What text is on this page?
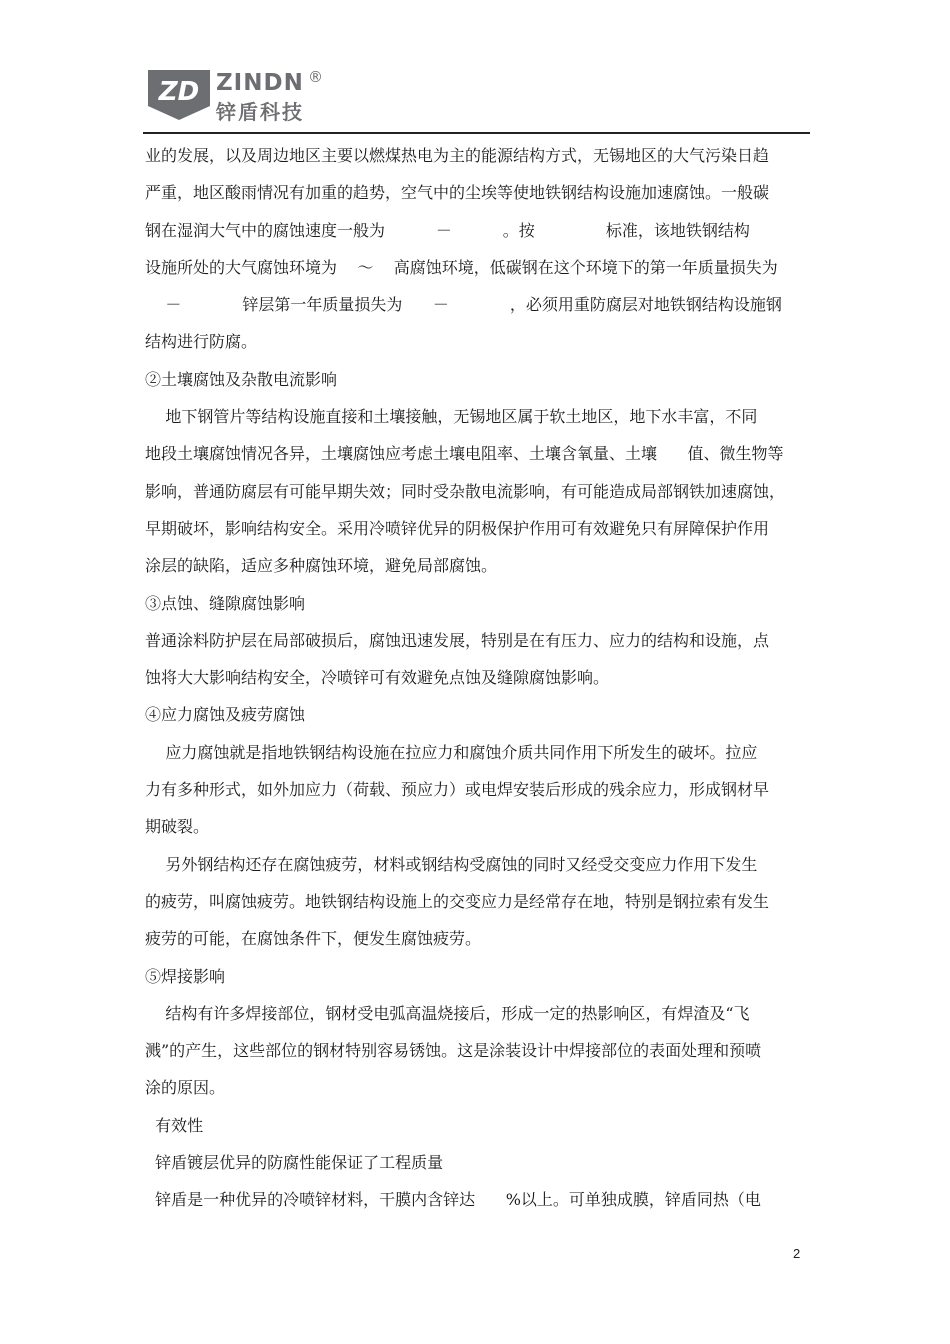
ZD ZINDN ®
锌盾科技
业的发展，以及周边地区主要以燃煤热电为主的能源结构方式，无锡地区的大气污染日趋
严重，地区酸雨情况有加重的趋势，空气中的尘埃等使地铁钢结构设施加速腐蚀。一般碳
钢在湿润大气中的腐蚀速度一般为          －          。按              标准，该地铁钢结构
设施所处的大气腐蚀环境为    ～    高腐蚀环境，低碳钢在这个环境下的第一年质量损失为
－            锌层第一年质量损失为      －            ，必须用重防腐层对地铁钢结构设施钢
结构进行防腐。
②土壤腐蚀及杂散电流影响
地下钢管片等结构设施直接和土壤接触，无锡地区属于软土地区，地下水丰富，不同
地段土壤腐蚀情况各异，土壤腐蚀应考虑土壤电阻率、土壤含氧量、土壤      值、微生物等
影响，普通防腐层有可能早期失效；同时受杂散电流影响，有可能造成局部钢铁加速腐蚀，
早期破坏，影响结构安全。采用冷喷锌优异的阴极保护作用可有效避免只有屏障保护作用
涂层的缺陷，适应多种腐蚀环境，避免局部腐蚀。
③点蚀、缝隙腐蚀影响
普通涂料防护层在局部破损后，腐蚀迅速发展，特别是在有压力、应力的结构和设施，点
蚀将大大影响结构安全，冷喷锌可有效避免点蚀及缝隙腐蚀影响。
④应力腐蚀及疲劳腐蚀
应力腐蚀就是指地铁钢结构设施在拉应力和腐蚀介质共同作用下所发生的破坏。拉应
力有多种形式，如外加应力（荷载、预应力）或电焊安装后形成的残余应力，形成钢材早
期破裂。
另外钢结构还存在腐蚀疲劳，材料或钢结构受腐蚀的同时又经受交变应力作用下发生
的疲劳，叫腐蚀疲劳。地铁钢结构设施上的交变应力是经常存在地，特别是钢拉索有发生
疲劳的可能，在腐蚀条件下，便发生腐蚀疲劳。
⑤焊接影响
结构有许多焊接部位，钢材受电弧高温烧接后，形成一定的热影响区，有焊渣及“飞
溅”的产生，这些部位的钢材特别容易锈蚀。这是涂装设计中焊接部位的表面处理和预喷
涂的原因。
有效性
锌盾镀层优异的防腐性能保证了工程质量
锌盾是一种优异的冷喷锌材料，干膜内含锌达      %以上。可单独成膜，锌盾同热（电
2
